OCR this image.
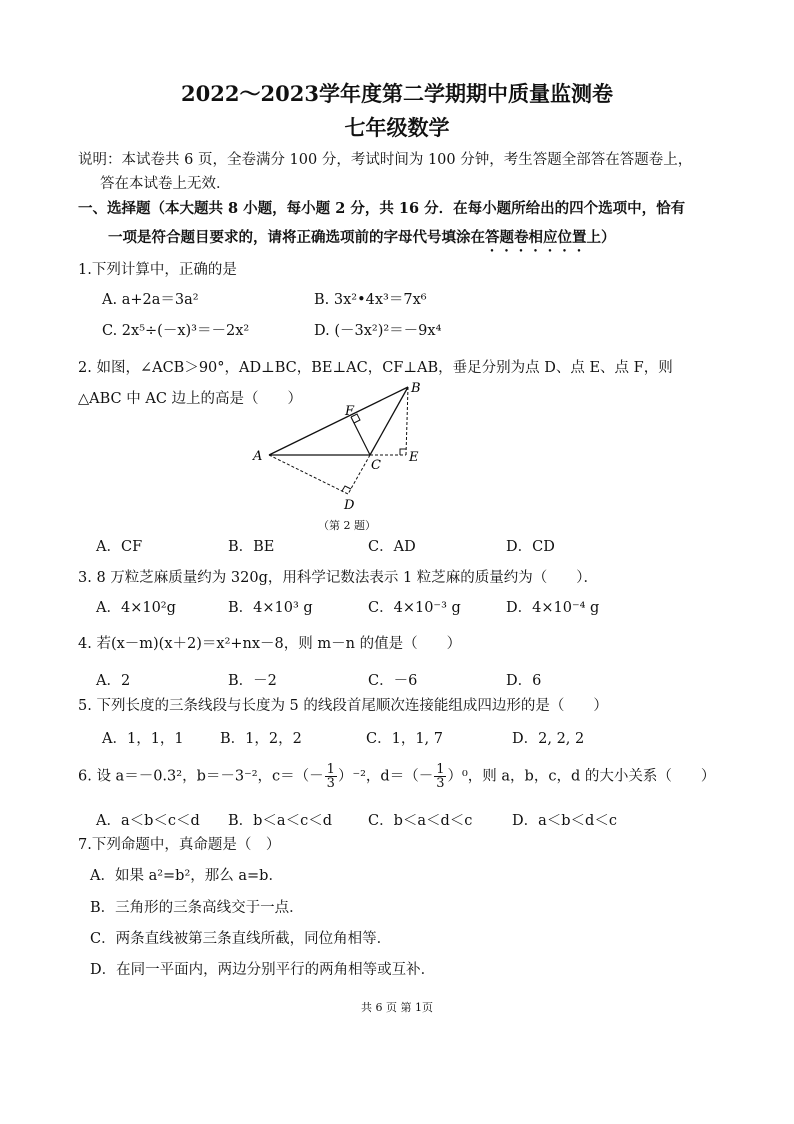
2022～2023学年度第二学期期中质量监测卷
七年级数学
说明：本试卷共 6 页，全卷满分 100 分，考试时间为 100 分钟，考生答题全部答在答题卷上，
答在本试卷上无效．
一、选择题（本大题共 8 小题，每小题 2 分，共 16 分．在每小题所给出的四个选项中，恰有
一项是符合题目要求的，请将正确选项前的字母代号填涂在答题卷相应位置上）
1.下列计算中，正确的是
A. a+2a＝3a²	B. 3x²•4x³＝7x⁶
C. 2x⁵÷(－x)³＝－2x²	D. (－3x²)²＝－9x⁴
2. 如图，∠ACB＞90°，AD⊥BC，BE⊥AC，CF⊥AB，垂足分别为点 D、点 E、点 F，则
△ABC 中 AC 边上的高是（　　）
A
B
C
D
E
F
（第 2 题）
A．CF	B．BE	C．AD	D．CD
3. 8 万粒芝麻质量约为 320g，用科学记数法表示 1 粒芝麻的质量约为（　　）．
A．4×10²g	B．4×10³ g	C．4×10⁻³ g	D．4×10⁻⁴ g
4. 若(x－m)(x＋2)＝x²+nx－8，则 m－n 的值是（　　）
A．2	B．－2	C．－6	D．6
5. 下列长度的三条线段与长度为 5 的线段首尾顺次连接能组成四边形的是（　　）
A．1，1，1	B．1，2，2	C．1，1, 7	D．2, 2, 2
6. 设 a＝－0.3²，b＝－3⁻²，$c=(- \frac{1}{3} )^{-2}$，$d=(- \frac{1}{3} )^0$，则 a，b，c，d 的大小关系（　　）
A．a＜b＜c＜d B．b＜a＜c＜d C．b＜a＜d＜c	D．a＜b＜d＜c
7.下列命题中，真命题是（　）
A．如果 a²=b²，那么 a=b．
B．三角形的三条高线交于一点．
C．两条直线被第三条直线所截，同位角相等．
D．在同一平面内，两边分别平行的两角相等或互补．
共 6 页 第 1页
